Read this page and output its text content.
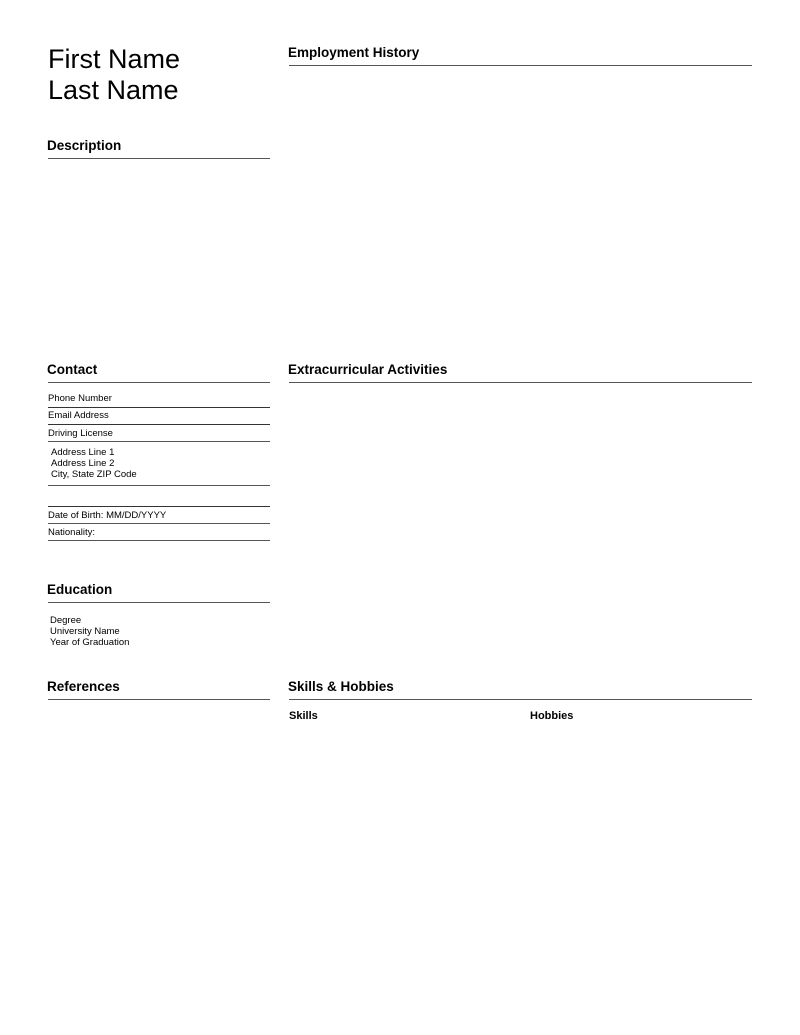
First Name
Last Name
Employment History
Description
Contact
Phone Number
Email Address
Driving License
Address Line 1
Address Line 2
City, State ZIP Code
Date of Birth: MM/DD/YYYY
Nationality:
Extracurricular Activities
Education
Degree
University Name
Year of Graduation
References	Skills & Hobbies
Skills	Hobbies
